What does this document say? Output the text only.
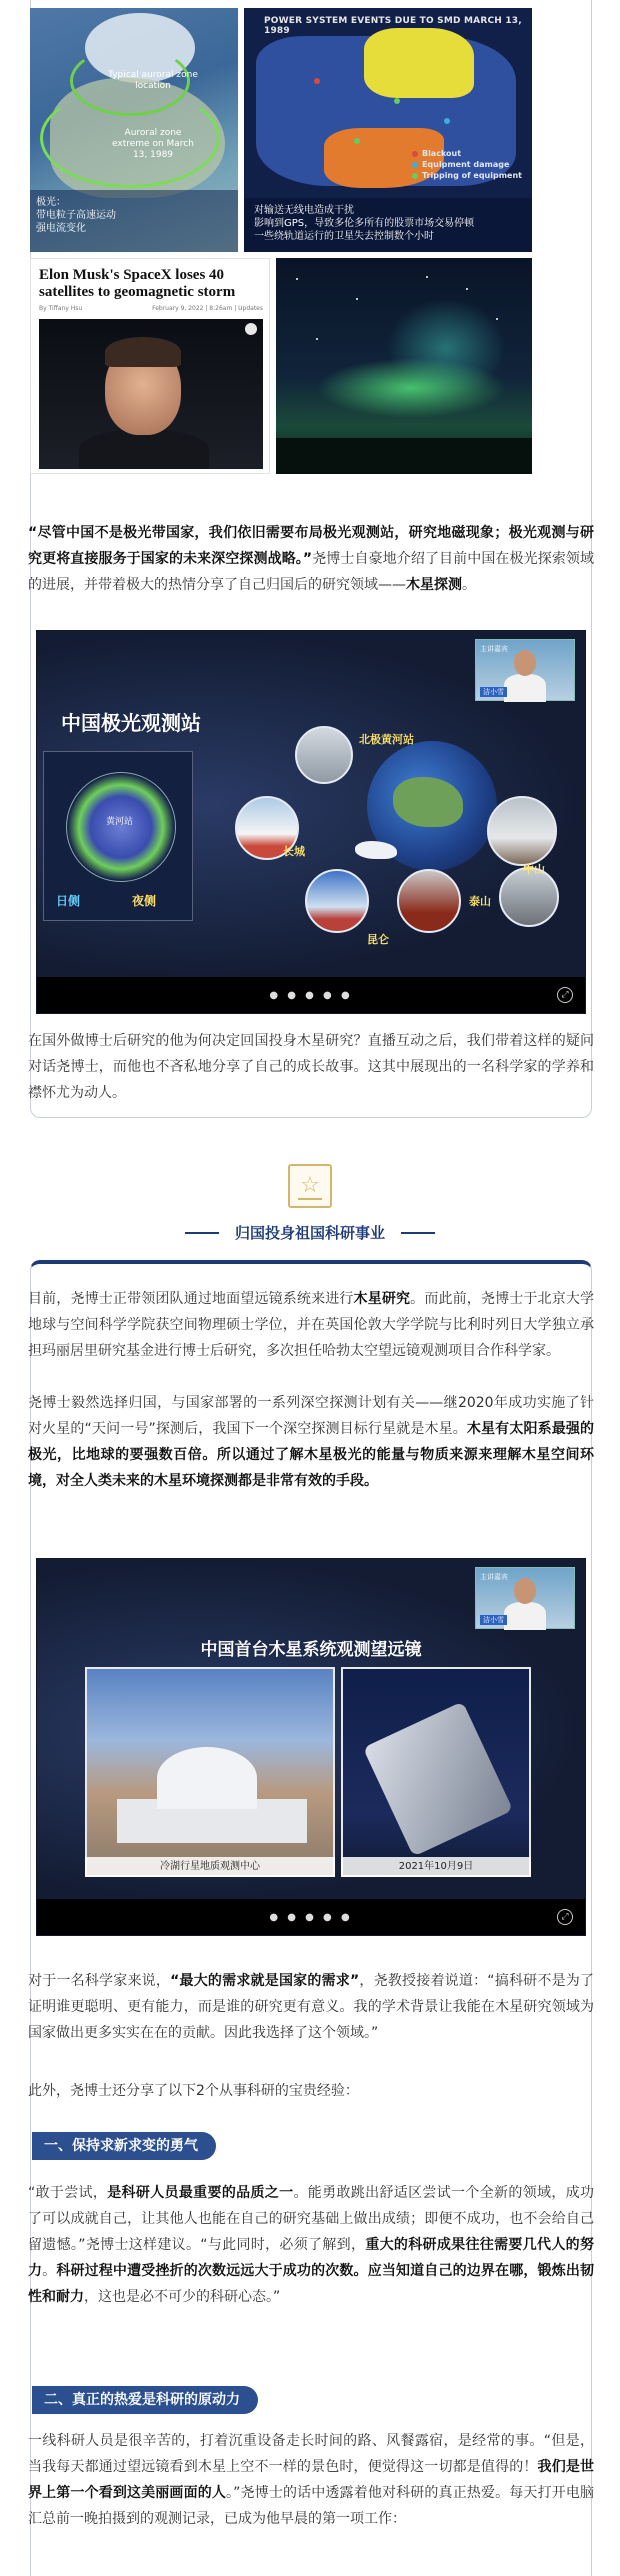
Typical auroral zone location
Auroral zone extreme on March 13, 1989
极光：
带电粒子高速运动
强电流变化
POWER SYSTEM EVENTS DUE TO SMD MARCH 13, 1989
Blackout
Equipment damage
Tripping of equipment
对输送无线电造成干扰
影响到GPS，导致多伦多所有的股票市场交易停顿
一些绕轨道运行的卫星失去控制数个小时
Elon Musk's SpaceX loses 40 satellites to geomagnetic storm
By Tiffany Hsu	February 9, 2022 | 8:26am | Updates
“尽管中国不是极光带国家，我们依旧需要布局极光观测站，研究地磁现象；极光观测与研究更将直接服务于国家的未来深空探测战略。”尧博士自豪地介绍了目前中国在极光探索领域的进展，并带着极大的热情分享了自己归国后的研究领域——木星探测。
中国极光观测站
黄河站
日侧	夜侧
北极黄河站
长城
昆仑
泰山
中山
主讲嘉宾
洁小雪
● ● ● ● ●	⤢
在国外做博士后研究的他为何决定回国投身木星研究？直播互动之后，我们带着这样的疑问对话尧博士，而他也不吝私地分享了自己的成长故事。这其中展现出的一名科学家的学养和襟怀尤为动人。
☆
归国投身祖国科研事业
目前，尧博士正带领团队通过地面望远镜系统来进行木星研究。而此前，尧博士于北京大学地球与空间科学学院获空间物理硕士学位，并在英国伦敦大学学院与比利时列日大学独立承担玛丽居里研究基金进行博士后研究，多次担任哈勃太空望远镜观测项目合作科学家。
尧博士毅然选择归国，与国家部署的一系列深空探测计划有关——继2020年成功实施了针对火星的“天问一号”探测后，我国下一个深空探测目标行星就是木星。木星有太阳系最强的极光，比地球的要强数百倍。所以通过了解木星极光的能量与物质来源来理解木星空间环境，对全人类未来的木星环境探测都是非常有效的手段。
中国首台木星系统观测望远镜
冷湖行星地质观测中心	2021年10月9日
主讲嘉宾
洁小雪
● ● ● ● ●	⤢
对于一名科学家来说，“最大的需求就是国家的需求”，尧教授接着说道：“搞科研不是为了证明谁更聪明、更有能力，而是谁的研究更有意义。我的学术背景让我能在木星研究领域为国家做出更多实实在在的贡献。因此我选择了这个领域。”
此外，尧博士还分享了以下2个从事科研的宝贵经验：
一、保持求新求变的勇气
“敢于尝试，是科研人员最重要的品质之一。能勇敢跳出舒适区尝试一个全新的领域，成功了可以成就自己，让其他人也能在自己的研究基础上做出成绩；即便不成功，也不会给自己留遗憾。”尧博士这样建议。“与此同时，必须了解到，重大的科研成果往往需要几代人的努力。科研过程中遭受挫折的次数远远大于成功的次数。应当知道自己的边界在哪，锻炼出韧性和耐力，这也是必不可少的科研心态。”
二、真正的热爱是科研的原动力
一线科研人员是很辛苦的，打着沉重设备走长时间的路、风餐露宿，是经常的事。“但是，当我每天都通过望远镜看到木星上空不一样的景色时，便觉得这一切都是值得的！我们是世界上第一个看到这美丽画面的人。”尧博士的话中透露着他对科研的真正热爱。每天打开电脑汇总前一晚拍摄到的观测记录，已成为他早晨的第一项工作：
